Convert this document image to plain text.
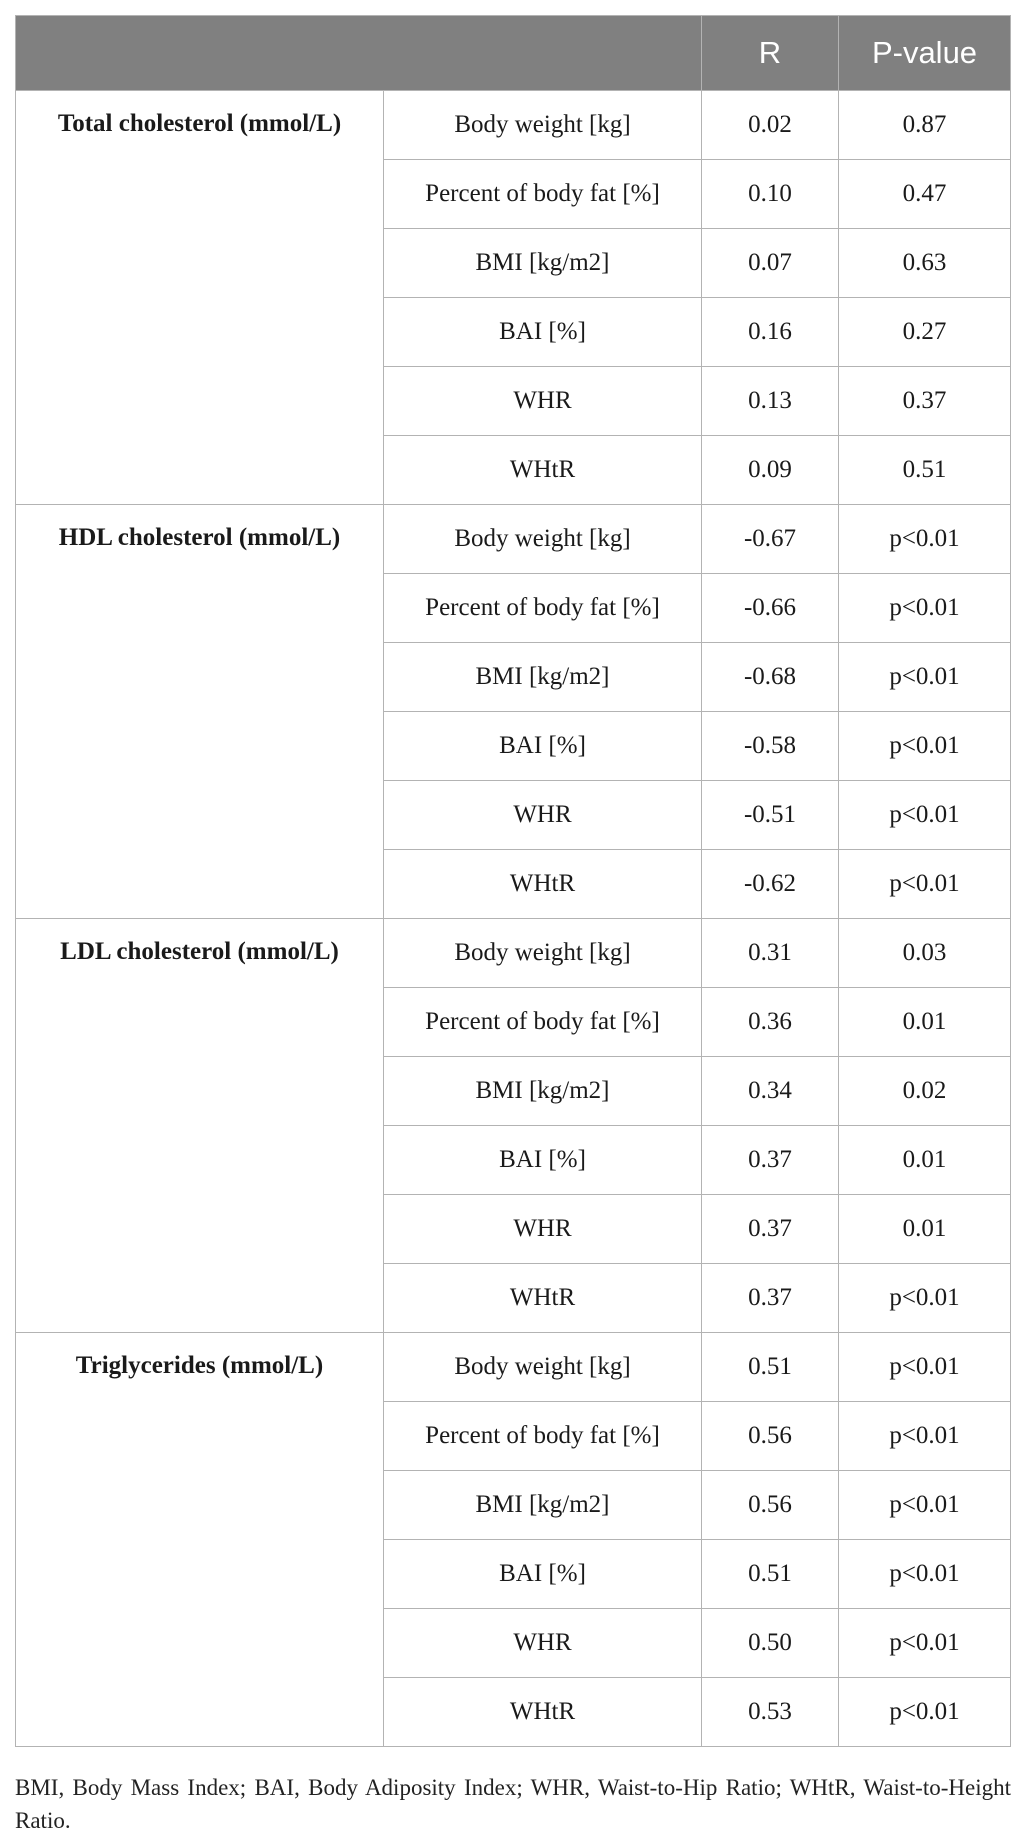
		R	P-value
Total cholesterol (mmol/L)	Body weight [kg]	0.02	0.87
	Percent of body fat [%]	0.10	0.47
	BMI [kg/m2]	0.07	0.63
	BAI [%]	0.16	0.27
	WHR	0.13	0.37
	WHtR	0.09	0.51
HDL cholesterol (mmol/L)	Body weight [kg]	-0.67	p<0.01
	Percent of body fat [%]	-0.66	p<0.01
	BMI [kg/m2]	-0.68	p<0.01
	BAI [%]	-0.58	p<0.01
	WHR	-0.51	p<0.01
	WHtR	-0.62	p<0.01
LDL cholesterol (mmol/L)	Body weight [kg]	0.31	0.03
	Percent of body fat [%]	0.36	0.01
	BMI [kg/m2]	0.34	0.02
	BAI [%]	0.37	0.01
	WHR	0.37	0.01
	WHtR	0.37	p<0.01
Triglycerides (mmol/L)	Body weight [kg]	0.51	p<0.01
	Percent of body fat [%]	0.56	p<0.01
	BMI [kg/m2]	0.56	p<0.01
	BAI [%]	0.51	p<0.01
	WHR	0.50	p<0.01
	WHtR	0.53	p<0.01

BMI, Body Mass Index; BAI, Body Adiposity Index; WHR, Waist-to-Hip Ratio; WHtR, Waist-to-Height Ratio.
